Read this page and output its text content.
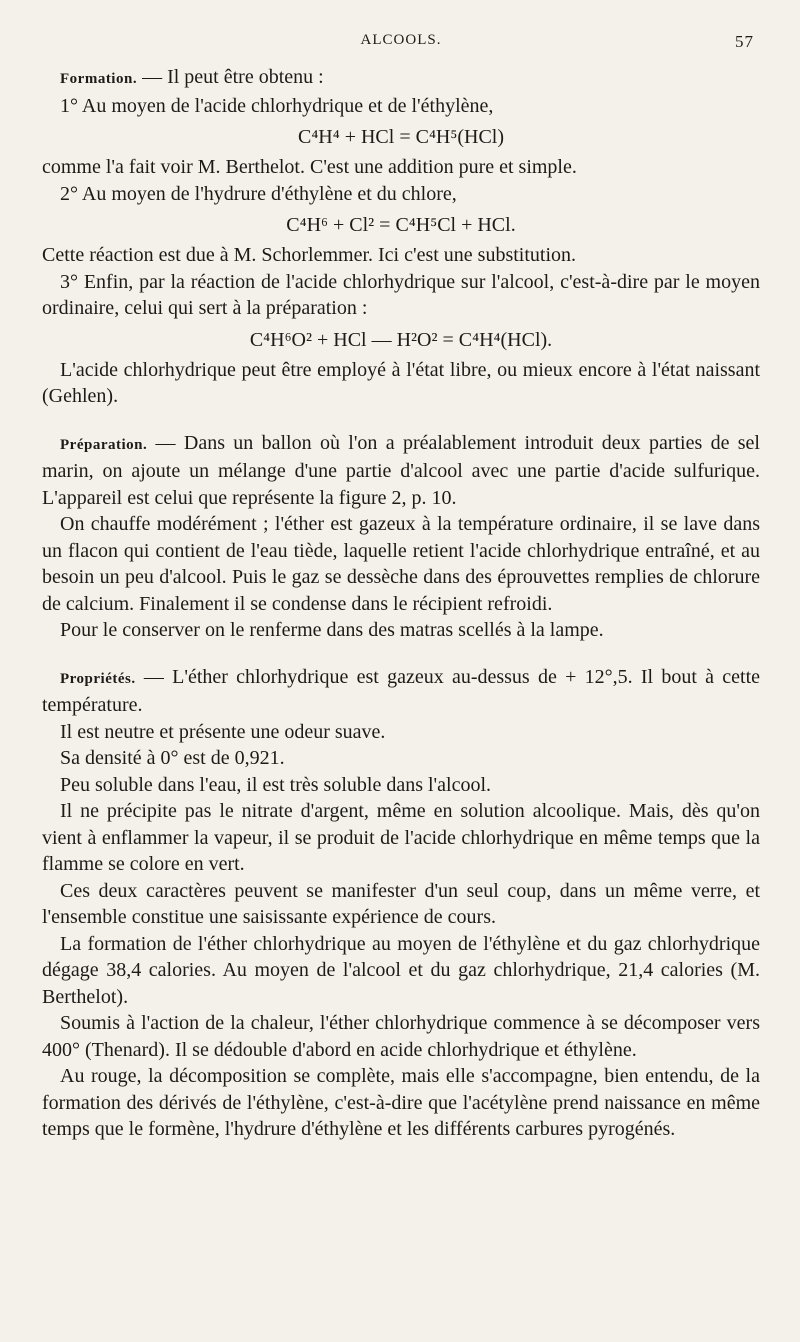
ALCOOLS.	57

Formation. — Il peut être obtenu :

1° Au moyen de l'acide chlorhydrique et de l'éthylène,

C⁴H⁴ + HCl = C⁴H⁵(HCl)

comme l'a fait voir M. Berthelot. C'est une addition pure et simple.

2° Au moyen de l'hydrure d'éthylène et du chlore,

C⁴H⁶ + Cl² = C⁴H⁵Cl + HCl.

Cette réaction est due à M. Schorlemmer. Ici c'est une substitution.

3° Enfin, par la réaction de l'acide chlorhydrique sur l'alcool, c'est-à-dire par le moyen ordinaire, celui qui sert à la préparation :

C⁴H⁶O² + HCl — H²O² = C⁴H⁴(HCl).

L'acide chlorhydrique peut être employé à l'état libre, ou mieux encore à l'état naissant (Gehlen).

Préparation. — Dans un ballon où l'on a préalablement introduit deux parties de sel marin, on ajoute un mélange d'une partie d'alcool avec une partie d'acide sulfurique. L'appareil est celui que représente la figure 2, p. 10.

On chauffe modérément ; l'éther est gazeux à la température ordinaire, il se lave dans un flacon qui contient de l'eau tiède, laquelle retient l'acide chlorhydrique entraîné, et au besoin un peu d'alcool. Puis le gaz se dessèche dans des éprouvettes remplies de chlorure de calcium. Finalement il se condense dans le récipient refroidi.

Pour le conserver on le renferme dans des matras scellés à la lampe.

Propriétés. — L'éther chlorhydrique est gazeux au-dessus de + 12°,5. Il bout à cette température.

Il est neutre et présente une odeur suave.

Sa densité à 0° est de 0,921.

Peu soluble dans l'eau, il est très soluble dans l'alcool.

Il ne précipite pas le nitrate d'argent, même en solution alcoolique. Mais, dès qu'on vient à enflammer la vapeur, il se produit de l'acide chlorhydrique en même temps que la flamme se colore en vert.

Ces deux caractères peuvent se manifester d'un seul coup, dans un même verre, et l'ensemble constitue une saisissante expérience de cours.

La formation de l'éther chlorhydrique au moyen de l'éthylène et du gaz chlorhydrique dégage 38,4 calories. Au moyen de l'alcool et du gaz chlorhydrique, 21,4 calories (M. Berthelot).

Soumis à l'action de la chaleur, l'éther chlorhydrique commence à se décomposer vers 400° (Thenard). Il se dédouble d'abord en acide chlorhydrique et éthylène.

Au rouge, la décomposition se complète, mais elle s'accompagne, bien entendu, de la formation des dérivés de l'éthylène, c'est-à-dire que l'acétylène prend naissance en même temps que le formène, l'hydrure d'éthylène et les différents carbures pyrogénés.
